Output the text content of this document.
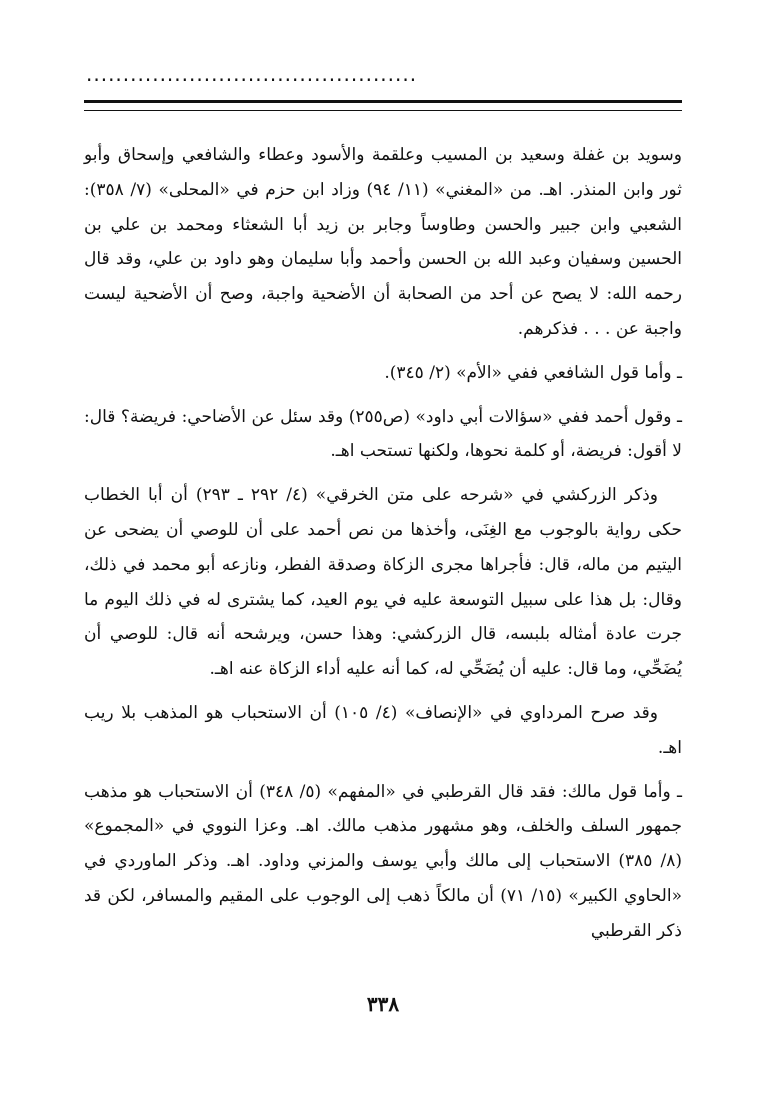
.............................................

وسويد بن غفلة وسعيد بن المسيب وعلقمة والأسود وعطاء والشافعي وإسحاق وأبو ثور وابن المنذر. اهـ. من «المغني» (١١/ ٩٤) وزاد ابن حزم في «المحلى» (٧/ ٣٥٨): الشعبي وابن جبير والحسن وطاوساً وجابر بن زيد أبا الشعثاء ومحمد بن علي بن الحسين وسفيان وعبد الله بن الحسن وأحمد وأبا سليمان وهو داود بن علي، وقد قال رحمه الله: لا يصح عن أحد من الصحابة أن الأضحية واجبة، وصح أن الأضحية ليست واجبة عن . . . فذكرهم.

ـ وأما قول الشافعي ففي «الأم» (٢/ ٣٤٥).

ـ وقول أحمد ففي «سؤالات أبي داود» (ص٢٥٥) وقد سئل عن الأضاحي: فريضة؟ قال: لا أقول: فريضة، أو كلمة نحوها، ولكنها تستحب اهـ.

وذكر الزركشي في «شرحه على متن الخرقي» (٤/ ٢٩٢ ـ ٢٩٣) أن أبا الخطاب حكى رواية بالوجوب مع الغِنَى، وأخذها من نص أحمد على أن للوصي أن يضحى عن اليتيم من ماله، قال: فأجراها مجرى الزكاة وصدقة الفطر، ونازعه أبو محمد في ذلك، وقال: بل هذا على سبيل التوسعة عليه في يوم العيد، كما يشترى له في ذلك اليوم ما جرت عادة أمثاله بلبسه، قال الزركشي: وهذا حسن، ويرشحه أنه قال: للوصي أن يُضَحِّي، وما قال: عليه أن يُضَحِّي له، كما أنه عليه أداء الزكاة عنه اهـ.

وقد صرح المرداوي في «الإنصاف» (٤/ ١٠٥) أن الاستحباب هو المذهب بلا ريب اهـ.

ـ وأما قول مالك: فقد قال القرطبي في «المفهم» (٥/ ٣٤٨) أن الاستحباب هو مذهب جمهور السلف والخلف، وهو مشهور مذهب مالك. اهـ. وعزا النووي في «المجموع» (٨/ ٣٨٥) الاستحباب إلى مالك وأبي يوسف والمزني وداود. اهـ. وذكر الماوردي في «الحاوي الكبير» (١٥/ ٧١) أن مالكاً ذهب إلى الوجوب على المقيم والمسافر، لكن قد ذكر القرطبي

٣٣٨
